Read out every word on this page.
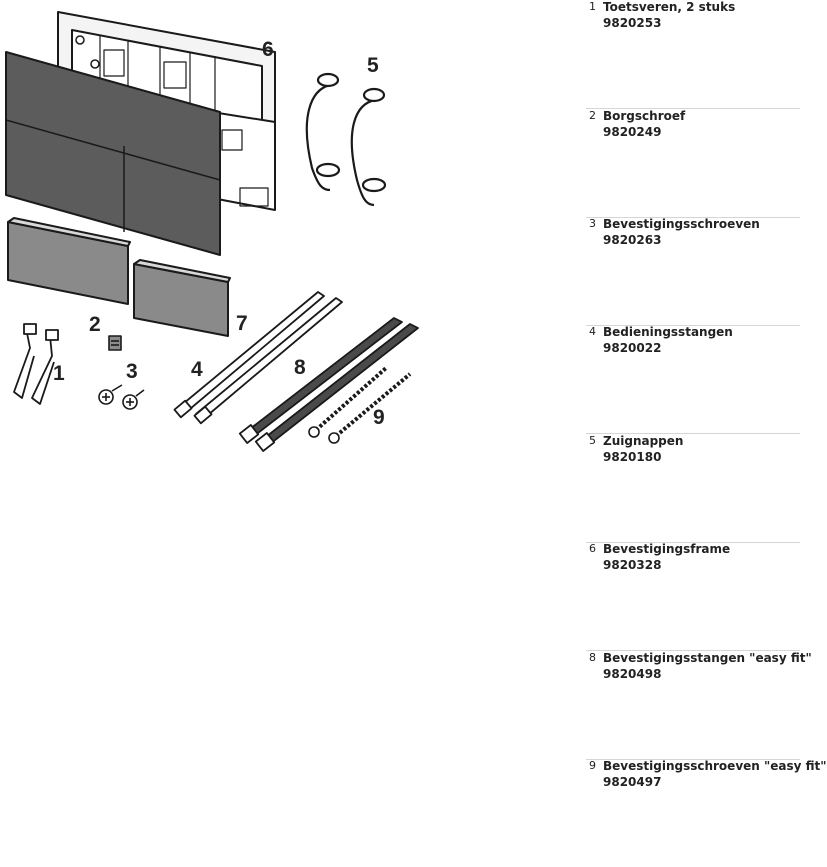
6
5
7
2
1	3	4	8
9
1 Toetsveren, 2 stuks
9820253
2 Borgschroef
9820249
3 Bevestigingsschroeven
9820263
4 Bedieningsstangen
9820022
5 Zuignappen
9820180
6 Bevestigingsframe
9820328
8 Bevestigingsstangen "easy fit"
9820498
9 Bevestigingsschroeven "easy fit"
9820497
